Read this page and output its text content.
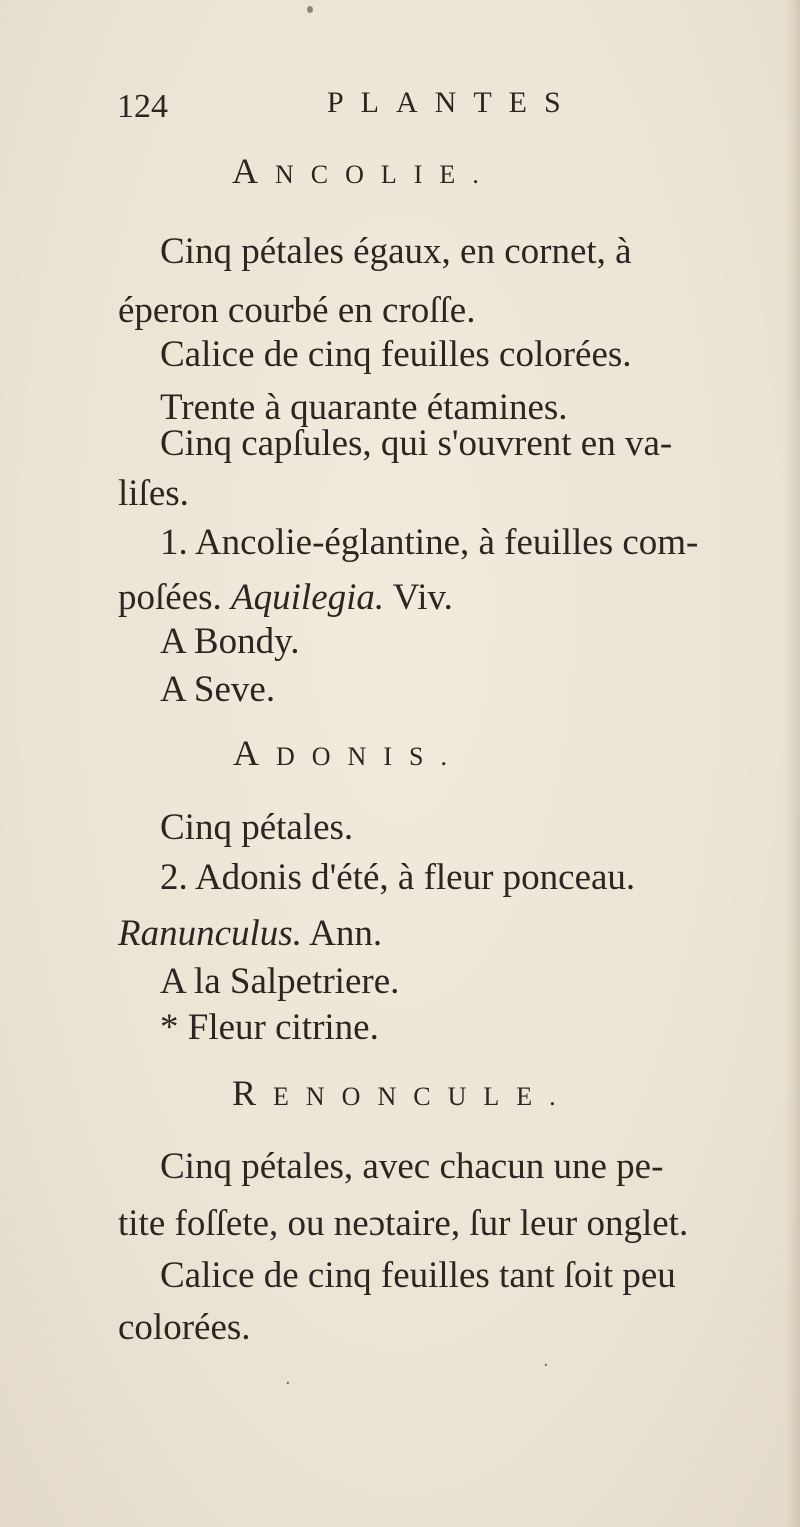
124	PLANTES
ANCOLIE.
Cinq pétales égaux, en cornet, à
éperon courbé en croſſe.
Calice de cinq feuilles colorées.
Trente à quarante étamines.
Cinq capſules, qui s'ouvrent en va-
liſes.
1. Ancolie-églantine, à feuilles com-
poſées. Aquilegia. Viv.
A Bondy.
A Seve.
ADONIS.
Cinq pétales.
2. Adonis d'été, à fleur ponceau.
Ranunculus. Ann.
A la Salpetriere.
* Fleur citrine.
RENONCULE.
Cinq pétales, avec chacun une pe-
tite foſſete, ou neɔtaire, ſur leur onglet.
Calice de cinq feuilles tant ſoit peu
colorées.
.
.
